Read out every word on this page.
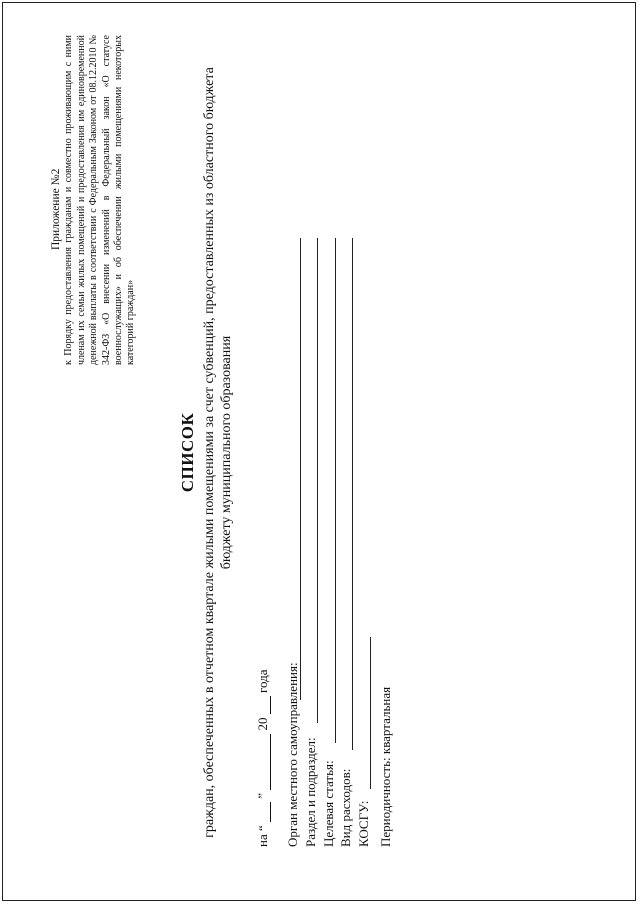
Приложение №2 к Порядку предоставления гражданам и совместно проживающим с ними членам их семьи жилых помещений и предоставления им единовременной денежной выплаты в соответствии с Федеральным Законом от 08.12.2010 № 342-ФЗ «О внесении изменений в Федеральный закон «О статусе военнослужащих» и об обеспечении жилыми помещениями некоторых категорий граждан»
СПИСОК граждан, обеспеченных в отчетном квартале жилыми помещениями за счет субвенций, предоставленных из областного бюджета бюджету муниципального образования
на “  ”  20  года Орган местного самоуправления: Раздел и подраздел: Целевая статья: Вид расходов: КОСГУ: Периодичность: квартальная
